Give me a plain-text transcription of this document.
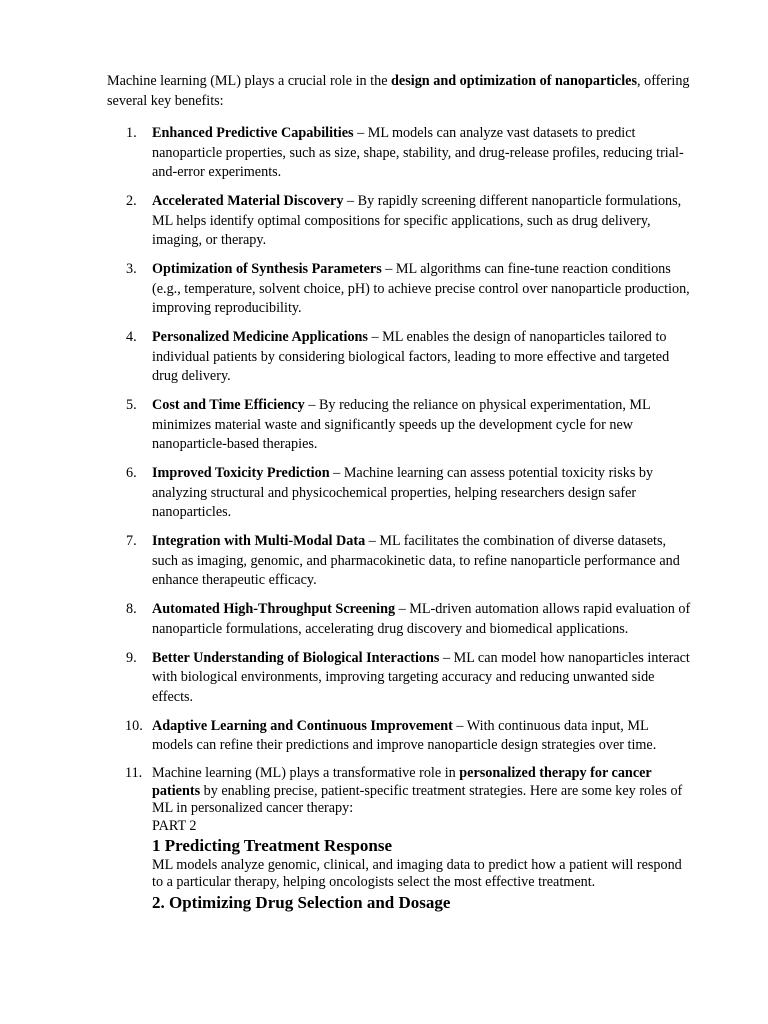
Machine learning (ML) plays a crucial role in the design and optimization of nanoparticles, offering several key benefits:

1.	Enhanced Predictive Capabilities – ML models can analyze vast datasets to predict nanoparticle properties, such as size, shape, stability, and drug-release profiles, reducing trial-and-error experiments.
2.	Accelerated Material Discovery – By rapidly screening different nanoparticle formulations, ML helps identify optimal compositions for specific applications, such as drug delivery, imaging, or therapy.
3.	Optimization of Synthesis Parameters – ML algorithms can fine-tune reaction conditions (e.g., temperature, solvent choice, pH) to achieve precise control over nanoparticle production, improving reproducibility.
4.	Personalized Medicine Applications – ML enables the design of nanoparticles tailored to individual patients by considering biological factors, leading to more effective and targeted drug delivery.
5.	Cost and Time Efficiency – By reducing the reliance on physical experimentation, ML minimizes material waste and significantly speeds up the development cycle for new nanoparticle-based therapies.
6.	Improved Toxicity Prediction – Machine learning can assess potential toxicity risks by analyzing structural and physicochemical properties, helping researchers design safer nanoparticles.
7.	Integration with Multi-Modal Data – ML facilitates the combination of diverse datasets, such as imaging, genomic, and pharmacokinetic data, to refine nanoparticle performance and enhance therapeutic efficacy.
8.	Automated High-Throughput Screening – ML-driven automation allows rapid evaluation of nanoparticle formulations, accelerating drug discovery and biomedical applications.
9.	Better Understanding of Biological Interactions – ML can model how nanoparticles interact with biological environments, improving targeting accuracy and reducing unwanted side effects.
10. Adaptive Learning and Continuous Improvement – With continuous data input, ML models can refine their predictions and improve nanoparticle design strategies over time.
11. Machine learning (ML) plays a transformative role in personalized therapy for cancer patients by enabling precise, patient-specific treatment strategies. Here are some key roles of ML in personalized cancer therapy:
PART 2
1 Predicting Treatment Response
ML models analyze genomic, clinical, and imaging data to predict how a patient will respond to a particular therapy, helping oncologists select the most effective treatment.
2. Optimizing Drug Selection and Dosage
